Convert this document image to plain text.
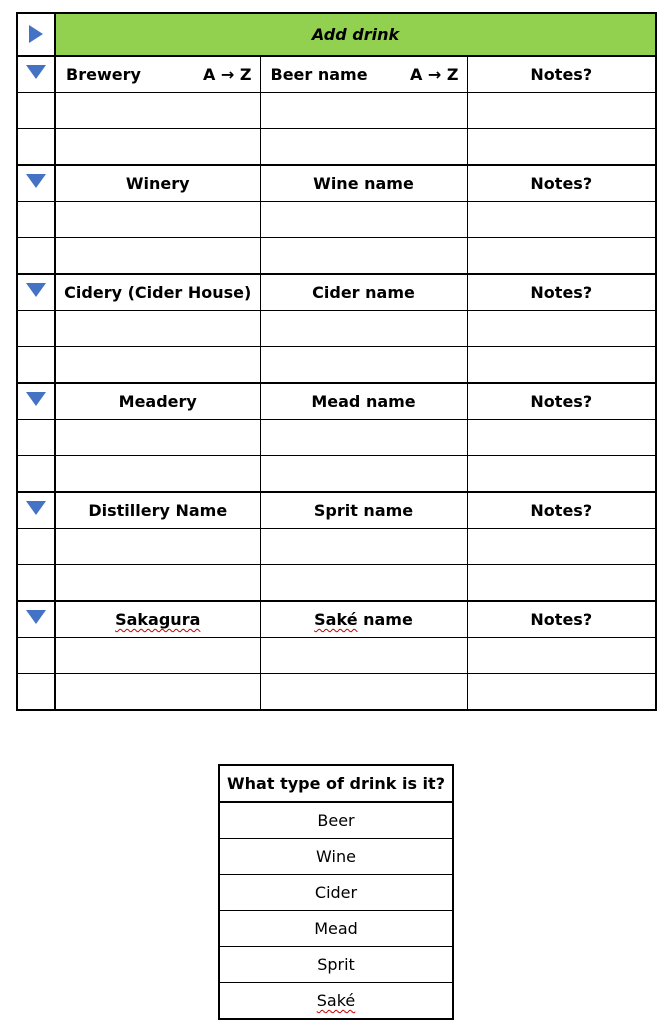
	Add drink		

	Brewery A → Z	Beer name A → Z	Notes?

	Winery	Wine name	Notes?

	Cidery (Cider House)	Cider name	Notes?

	Meadery	Mead name	Notes?

	Distillery Name	Sprit name	Notes?

	Sakagura	Saké name	Notes?

What type of drink is it?
Beer
Wine
Cider
Mead
Sprit
Saké
